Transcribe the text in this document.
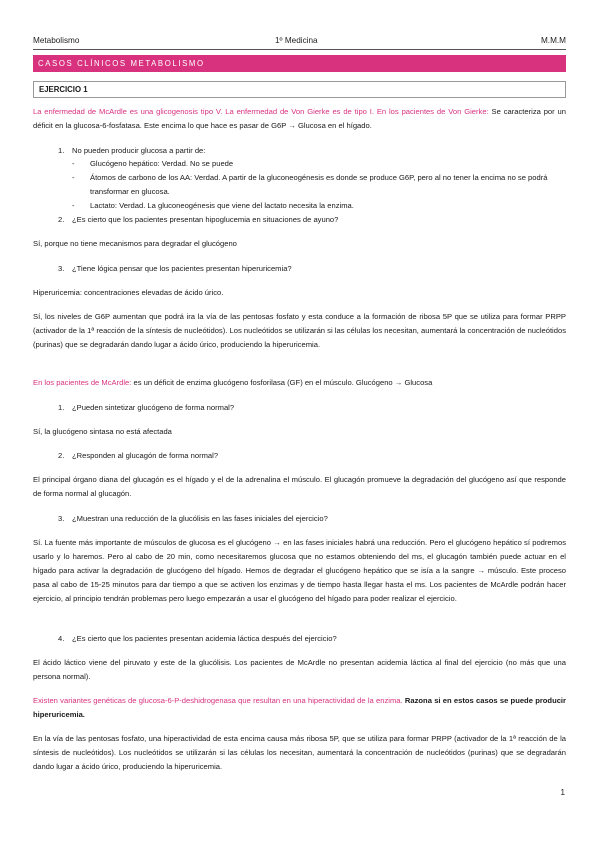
Metabolismo	1º Medicina	M.M.M
CASOS CLÍNICOS METABOLISMO
EJERCICIO 1

La enfermedad de McArdle es una glicogenosis tipo V. La enfermedad de Von Gierke es de tipo I. En los pacientes de Von Gierke: Se caracteriza por un déficit en la glucosa-6-fosfatasa. Este encima lo que hace es pasar de G6P → Glucosa en el hígado.

1. No pueden producir glucosa a partir de:
- Glucógeno hepático: Verdad. No se puede
- Átomos de carbono de los AA: Verdad. A partir de la gluconeogénesis es donde se produce G6P, pero al no tener la encima no se podrá transformar en glucosa.
- Lactato: Verdad. La gluconeogénesis que viene del lactato necesita la enzima.
2. ¿Es cierto que los pacientes presentan hipoglucemia en situaciones de ayuno?

Sí, porque no tiene mecanismos para degradar el glucógeno

3. ¿Tiene lógica pensar que los pacientes presentan hiperuricemia?

Hiperuricemia: concentraciones elevadas de ácido úrico.

Sí, los niveles de G6P aumentan que podrá ira la vía de las pentosas fosfato y esta conduce a la formación de ribosa 5P que se utiliza para formar PRPP (activador de la 1ª reacción de la síntesis de nucleótidos). Los nucleótidos se utilizarán si las células los necesitan, aumentará la concentración de nucleótidos (purinas) que se degradarán dando lugar a ácido úrico, produciendo la hiperuricemia.

En los pacientes de McArdle: es un déficit de enzima glucógeno fosforilasa (GF) en el músculo. Glucógeno → Glucosa

1. ¿Pueden sintetizar glucógeno de forma normal?

Sí, la glucógeno sintasa no está afectada

2. ¿Responden al glucagón de forma normal?

El principal órgano diana del glucagón es el hígado y el de la adrenalina el músculo. El glucagón promueve la degradación del glucógeno así que responde de forma normal al glucagón.

3. ¿Muestran una reducción de la glucólisis en las fases iniciales del ejercicio?

Sí. La fuente más importante de músculos de glucosa es el glucógeno → en las fases iniciales habrá una reducción. Pero el glucógeno hepático sí podremos usarlo y lo haremos. Pero al cabo de 20 min, como necesitaremos glucosa que no estamos obteniendo del ms, el glucagón también puede actuar en el hígado para activar la degradación de glucógeno del hígado. Hemos de degradar el glucógeno hepático que se isía a la sangre → músculo. Este proceso pasa al cabo de 15-25 minutos para dar tiempo a que se activen los enzimas y de tiempo hasta llegar hasta el ms. Los pacientes de McArdle podrán hacer ejercicio, al principio tendrán problemas pero luego empezarán a usar el glucógeno del hígado para poder realizar el ejercicio.

4. ¿Es cierto que los pacientes presentan acidemia láctica después del ejercicio?

El ácido láctico viene del piruvato y este de la glucólisis. Los pacientes de McArdle no presentan acidemia láctica al final del ejercicio (no más que una persona normal).

Existen variantes genéticas de glucosa-6-P-deshidrogenasa que resultan en una hiperactividad de la enzima. Razona si en estos casos se puede producir hiperuricemia.

En la vía de las pentosas fosfato, una hiperactividad de esta encima causa más ribosa 5P, que se utiliza para formar PRPP (activador de la 1ª reacción de la síntesis de nucleótidos). Los nucleótidos se utilizarán si las células los necesitan, aumentará la concentración de nucleótidos (purinas) que se degradarán dando lugar a ácido úrico, produciendo la hiperuricemia.

1
